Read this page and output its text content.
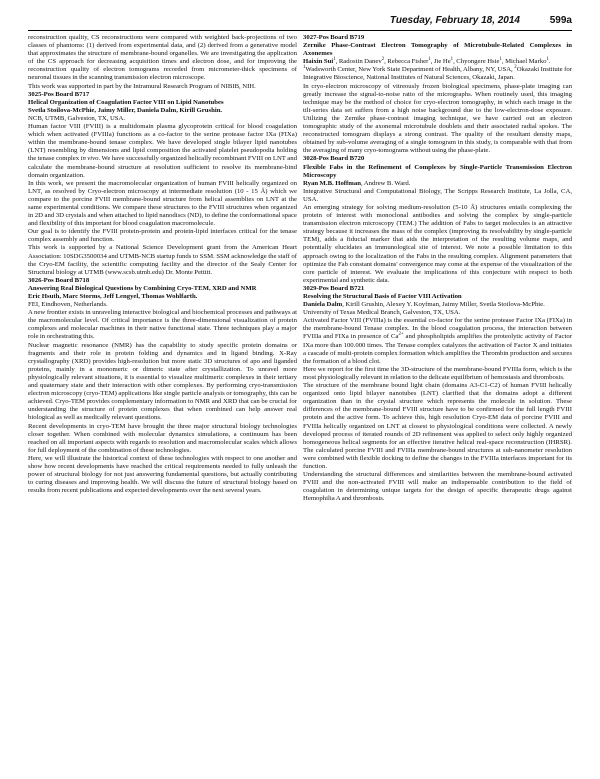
Tuesday, February 18, 2014	599a

reconstruction quality, CS reconstructions were compared with weighted back-projections of two classes of phantoms: (1) derived from experimental data, and (2) derived from a generative model that approximates the structure of membrane-bound organelles. We are investigating the application of the CS approach for decreasing acquisition times and electron dose, and for improving the reconstruction quality of electron tomograms recorded from micrometer-thick specimens of neuronal tissues in the scanning transmission electron microscope.

This work was supported in part by the Intramural Research Program of NIBIB, NIH.

3025-Pos Board B717

Helical Organization of Coagulation Factor VIII on Lipid Nanotubes

Svetla Stoilova-McPhie, Jaimy Miller, Daniela Dalm, Kirill Grushin.

NCB, UTMB, Galveston, TX, USA.

Human factor VIII (FVIII) is a multidomain plasma glycoprotein critical for blood coagulation which when activated (FVIIIa) functions as a co-factor to the serine protease factor IXa (FIXa) within the membrane-bound tenase complex. We have developed single bilayer lipid nanotubes (LNT) resembling by dimensions and lipid composition the activated platelet pseudopodia holding the tenase complex in vivo. We have successfully organized helically recombinant FVIII on LNT and calculate the membrane-bound structure at resolution sufficient to resolve its membrane-bind domain organization.

In this work, we present the macromolecular organization of human FVIII helically organized on LNT, as resolved by Cryo-electron microscopy at intermediate resolution (10 - 15 Å) which we compare to the porcine FVIII membrane-bound structure from helical assemblies on LNT at the same experimental conditions. We compare these structures to the FVIII structures when organized in 2D and 3D crystals and when attached to lipid nanodiscs (ND), to define the conformational space and flexibility of this important for blood coagulation macromolecule.

Our goal is to identify the FVIII protein-protein and protein-lipid interfaces critical for the tenase complex assembly and function.

This work is supported by a National Science Development grant from the American Heart Association: 10SDG3500034 and UTMB-NCB startup funds to SSM. SSM acknowledge the staff of the Cryo-EM facility, the scientific computing facility and the director of the Sealy Center for Structural biology at UTMB (www.scsb.utmb.edu) Dr. Monte Pettitt.

3026-Pos Board B718

Answering Real Biological Questions by Combining Cryo-TEM, XRD and NMR

Eric Hsuth, Marc Storms, Jeff Lengyel, Thomas Wohlfarth.

FEI, Eindhoven, Netherlands.

A new frontier exists in unraveling interactive biological and biochemical processes and pathways at the macromolecular level. Of critical importance is the three-dimensional visualization of protein complexes and molecular machines in their native functional state. Three techniques play a major role in orchestrating this.

Nuclear magnetic resonance (NMR) has the capability to study specific protein domains or fragments and their role in protein folding and dynamics and in ligand binding. X-Ray crystallography (XRD) provides high-resolution but more static 3D structures of apo and liganded proteins, mainly in a monomeric or dimeric state after crystallization. To unravel more physiologically relevant situations, it is essential to visualize multimeric complexes in their tertiary and quaternary state and their interaction with other complexes. By performing cryo-transmission electron microscopy (cryo-TEM) applications like single particle analysis or tomography, this can be achieved. Cryo-TEM provides complementary information to NMR and XRD that can be crucial for understanding the structure of protein complexes that when combined can help answer real biological as well as medically relevant questions.

Recent developments in cryo-TEM have brought the three major structural biology technologies closer together. When combined with molecular dynamics simulations, a continuum has been reached on all important aspects with regards to resolution and macromolecular scales which allows for full deployment of the combination of these technologies.

Here, we will illustrate the historical context of these technologies with respect to one another and show how recent developments have reached the critical requirements needed to fully unleash the power of structural biology for not just answering fundamental questions, but actually contributing to curing diseases and improving health. We will discuss the future of structural biology based on results from recent publications and expected developments over the next several years.

3027-Pos Board B719

Zernike Phase-Contrast Electron Tomography of Microtubule-Related Complexes in Axonemes

Haixin Sui$^1$, Radostin Danev$^2$, Rebecca Fisher$^1$, Jie He$^1$, Chyongere Hsie$^1$, Michael Marko$^1$.

$^1$Wadsworth Center, New York State Department of Health, Albany, NY, USA, $^2$Okazaki Institute for Integrative Bioscience, National Institutes of Natural Sciences, Okazaki, Japan.

In cryo-electron microscopy of vitreously frozen biological specimens, phase-plate imaging can greatly increase the signal-to-noise ratio of the micrographs. When routinely used, this imaging technique may be the method of choice for cryo-electron tomography, in which each image in the tilt-series data set suffers from a high noise background due to the low-electron-dose exposure. Utilizing the Zernike phase-contrast imaging technique, we have carried out an electron tomographic study of the axonemal microtubule doublets and their associated radial spokes. The reconstructed tomogram displays a strong contrast. The quality of the resultant density maps, obtained by sub-volume averaging of a single tomogram in this study, is comparable with that from the averaging of many cryo-tomograms without using the phase-plate.

3028-Pos Board B720

Flexible Fabs in the Refinement of Complexes by Single-Particle Transmission Electron Microscopy

Ryan M.B. Hoffman, Andrew B. Ward.

Integrative Structural and Computational Biology, The Scripps Research Institute, La Jolla, CA, USA.

An emerging strategy for solving medium-resolution (5-10 Å) structures entails complexing the protein of interest with monoclonal antibodies and solving the complex by single-particle transmission electron microscopy (TEM.) The addition of Fabs to target molecules is an attractive strategy because it increases the mass of the complex (improving its resolvability by single-particle TEM), adds a fiducial marker that aids the interpretation of the resulting volume maps, and potentially elucidates an immunological site of interest. We note a possible limitation to this approach owing to the localization of the Fabs in the resulting complex. Alignment parameters that optimize the Fab constant domains' convergence may come at the expense of the visualization of the core particle of interest. We evaluate the implications of this conjecture with respect to both experimental and synthetic data.

3029-Pos Board B721

Resolving the Structural Basis of Factor VIII Activation

Daniela Dalm, Kirill Grushin, Alexey Y. Koyfman, Jaimy Miller, Svetla Stoilova-McPhie.

University of Texas Medical Branch, Galveston, TX, USA.

Activated Factor VIII (FVIIIa) is the essential co-factor for the serine protease Factor IXa (FIXa) in the membrane-bound Tenase complex. In the blood coagulation process, the interaction between FVIIIa and FIXa in presence of $Ca^{2+}$ and phospholipids amplifies the proteolytic activity of Factor IXa more than 100.000 times. The Tenase complex catalyzes the activation of Factor X and initiates a cascade of multi-protein complex formation which amplifies the Thrombin production and secures the formation of a blood clot.

Here we report for the first time the 3D-structure of the membrane-bound FVIIIa form, which is the most physiologically relevant in relation to the delicate equilibrium of hemostasis and thrombosis.

The structure of the membrane bound light chain (domains A3-C1-C2) of human FVIII helically organized onto lipid bilayer nanotubes (LNT) clarified that the domains adopt a different organization than in the crystal structure which represents the molecule in solution. These differences of the membrane-bound FVIII structure have to be confirmed for the full length FVIII protein and the active form. To achieve this, high resolution Cryo-EM data of porcine FVIII and FVIIIa helically organized on LNT at closest to physiological conditions were collected. A newly developed process of iterated rounds of 2D refinement was applied to select only highly organized homogeneous helical segments for an effective iterative helical real-space reconstruction (IHRSR). The calculated porcine FVIII and FVIIIa membrane-bound structures at sub-nanometer resolution were combined with flexible docking to define the changes in the FVIIIa interfaces important for its function.

Understanding the structural differences and similarities between the membrane-bound activated FVIII and the non-activated FVIII will make an indispensable contribution to the field of coagulation in determining unique targets for the design of specific therapeutic drugs against Hemophilia A and thrombosis.
